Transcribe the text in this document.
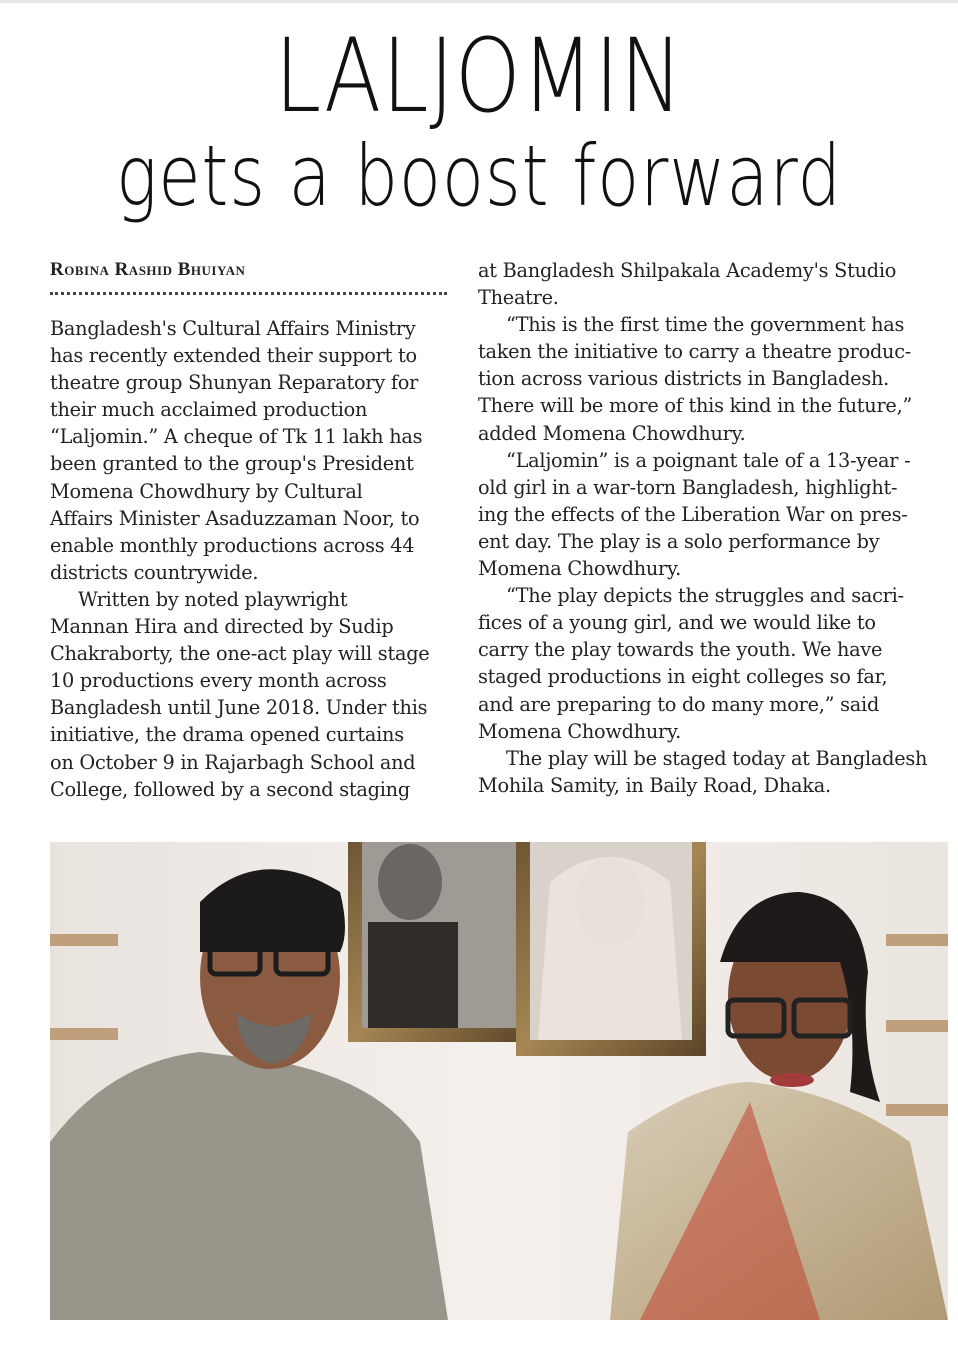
LALJOMIN
gets a boost forward
Robina Rashid Bhuiyan
Bangladesh's Cultural Affairs Ministry
has recently extended their support to
theatre group Shunyan Reparatory for
their much acclaimed production
“Laljomin.” A cheque of Tk 11 lakh has
been granted to the group's President
Momena Chowdhury by Cultural
Affairs Minister Asaduzzaman Noor, to
enable monthly productions across 44
districts countrywide.
Written by noted playwright
Mannan Hira and directed by Sudip
Chakraborty, the one-act play will stage
10 productions every month across
Bangladesh until June 2018. Under this
initiative, the drama opened curtains
on October 9 in Rajarbagh School and
College, followed by a second staging
at Bangladesh Shilpakala Academy's Studio
Theatre.
“This is the first time the government has
taken the initiative to carry a theatre produc-
tion across various districts in Bangladesh.
There will be more of this kind in the future,”
added Momena Chowdhury.
“Laljomin” is a poignant tale of a 13-year -
old girl in a war-torn Bangladesh, highlight-
ing the effects of the Liberation War on pres-
ent day. The play is a solo performance by
Momena Chowdhury.
“The play depicts the struggles and sacri-
fices of a young girl, and we would like to
carry the play towards the youth. We have
staged productions in eight colleges so far,
and are preparing to do many more,” said
Momena Chowdhury.
The play will be staged today at Bangladesh
Mohila Samity, in Baily Road, Dhaka.
